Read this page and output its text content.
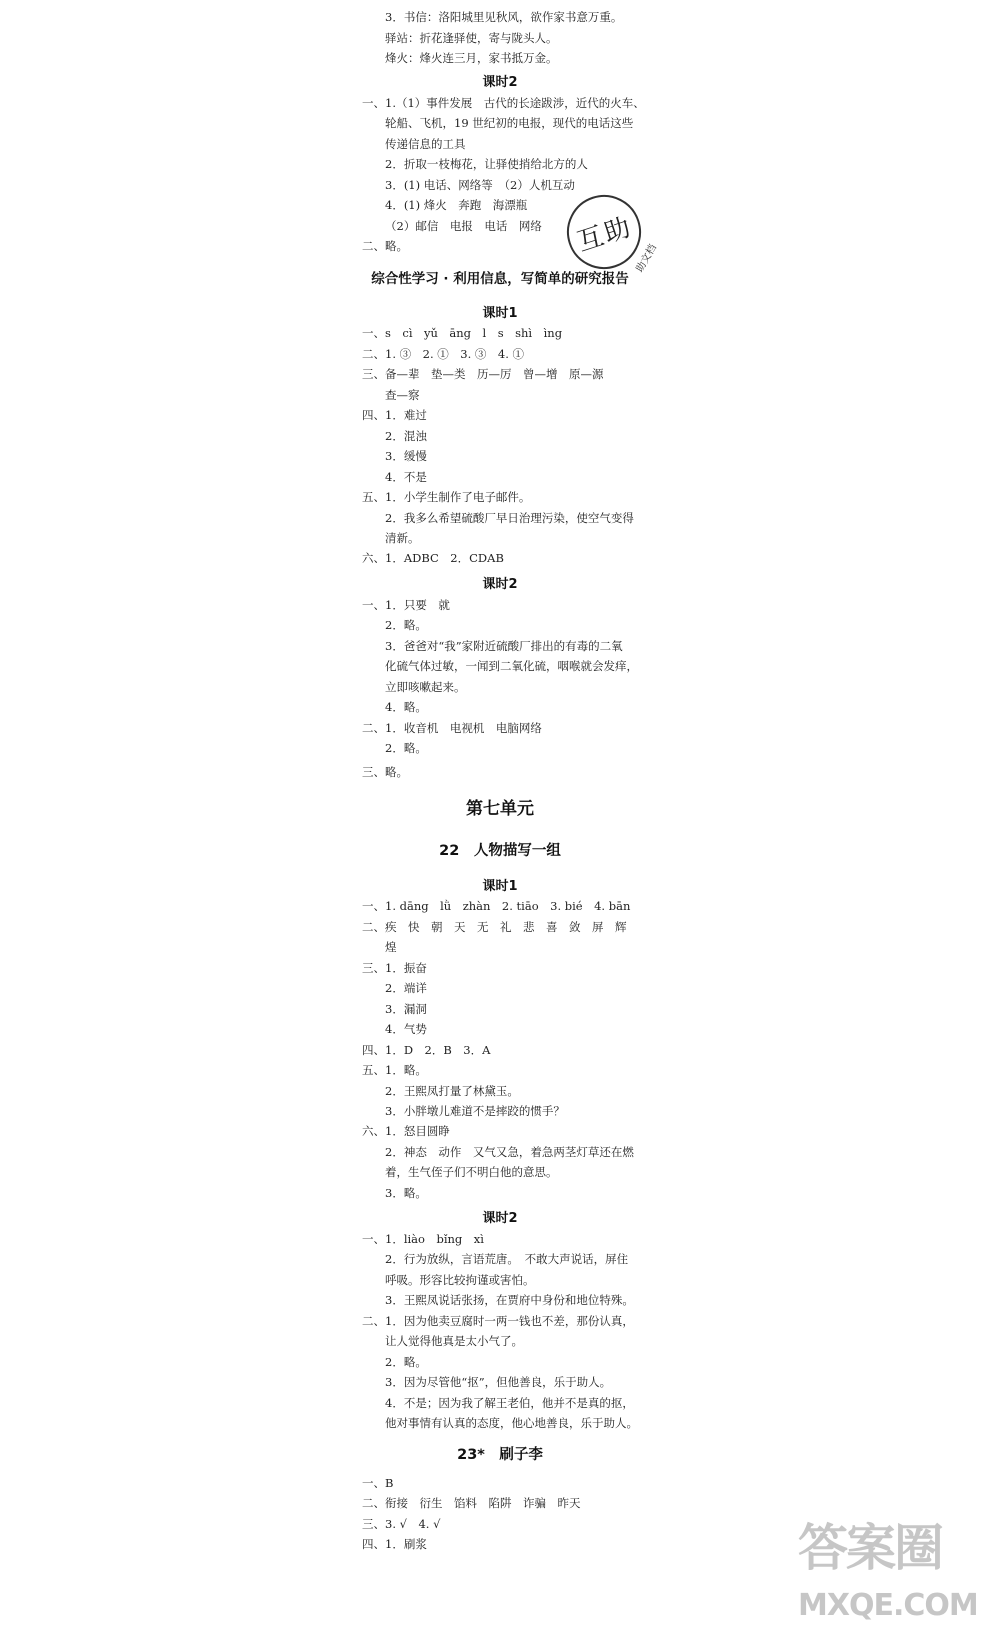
3．书信：洛阳城里见秋风，欲作家书意万重。
驿站：折花逢驿使，寄与陇头人。
烽火：烽火连三月，家书抵万金。
课时2
一、1.（1）事件发展　古代的长途跋涉，近代的火车、
轮船、飞机，19 世纪初的电报，现代的电话这些
传递信息的工具
2．折取一枝梅花，让驿使捎给北方的人
3．(1) 电话、网络等　（2）人机互动
4．(1) 烽火　奔跑　海漂瓶
（2）邮信　电报　电话　网络
二、略。
综合性学习 · 利用信息，写简单的研究报告
课时1
一、s　cì　yǔ　āng　l　s　shì　ìng
二、1. ③　2. ①　3. ③　4. ①
三、备—辈　垫—类　历—厉　曾—增　原—源
查—察
四、1．难过
2．混浊
3．缓慢
4．不是
五、1．小学生制作了电子邮件。
2．我多么希望硫酸厂早日治理污染，使空气变得
清新。
六、1．ADBC　2．CDAB
课时2
一、1．只要　就
2．略。
3．爸爸对“我”家附近硫酸厂排出的有毒的二氧
化硫气体过敏，一闻到二氧化硫，咽喉就会发痒，
立即咳嗽起来。
4．略。
二、1．收音机　电视机　电脑网络
2．略。
三、略。
第七单元
22　人物描写一组
课时1
一、1. dāng　lǜ　zhàn　2. tiāo　3. bié　4. bān
二、疾　快　朝　天　无　礼　悲　喜　敛　屏　辉
煌
三、1．振奋
2．端详
3．漏洞
4．气势
四、1．D　2．B　3．A
五、1．略。
2．王熙凤打量了林黛玉。
3．小胖墩儿难道不是摔跤的惯手？
六、1．怒目圆睁
2．神态　动作　又气又急，着急两茎灯草还在燃
着，生气侄子们不明白他的意思。
3．略。
课时2
一、1．liào　bǐng　xì
2．行为放纵，言语荒唐。　不敢大声说话，屏住
呼吸。形容比较拘谨或害怕。
3．王熙凤说话张扬，在贾府中身份和地位特殊。
二、1．因为他卖豆腐时一两一钱也不差，那份认真，
让人觉得他真是太小气了。
2．略。
3．因为尽管他“抠”，但他善良，乐于助人。
4．不是；因为我了解王老伯，他并不是真的抠，
他对事情有认真的态度，他心地善良，乐于助人。
23*　刷子李
一、B
二、衔接　衍生　馅料　陷阱　诈骗　昨天
三、3. √　4. √
四、1．刷浆
互助
助文档
答案圈
MXQE.COM
